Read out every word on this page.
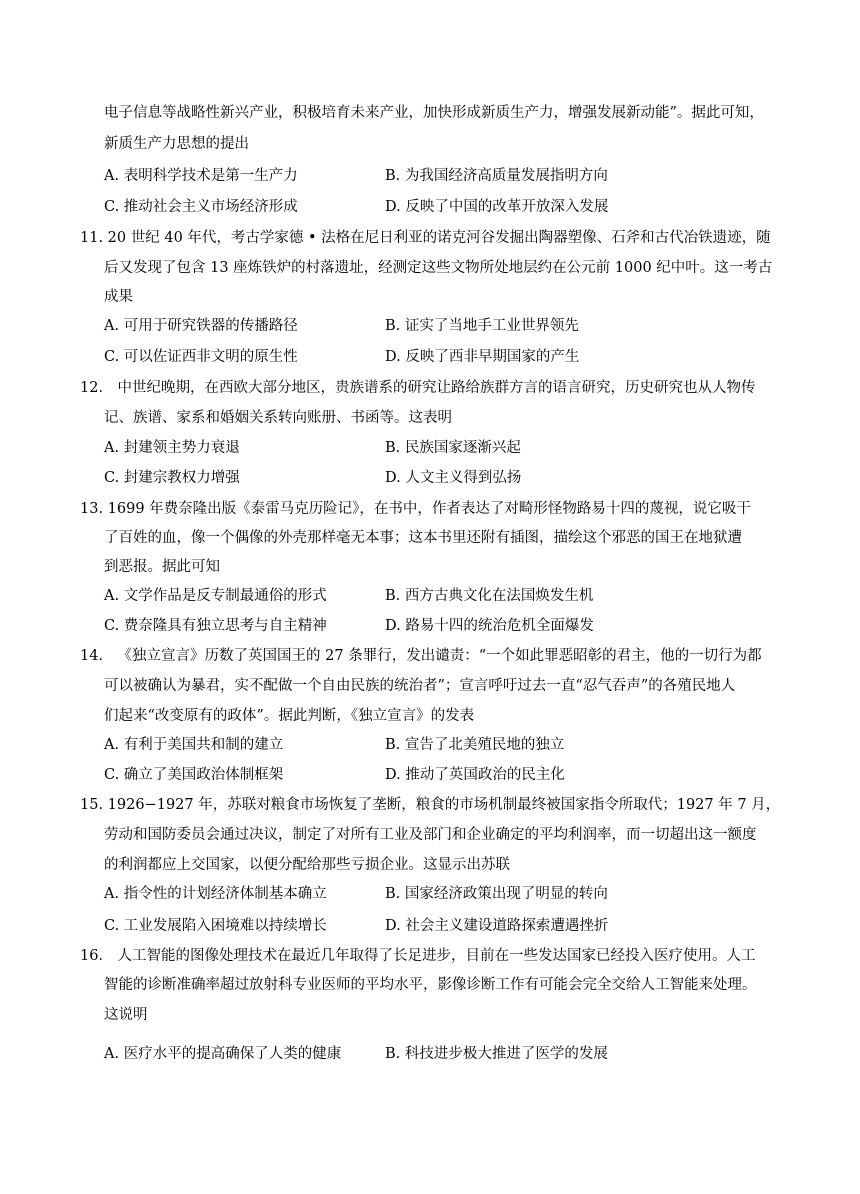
电子信息等战略性新兴产业，积极培育未来产业，加快形成新质生产力，增强发展新动能”。据此可知，
新质生产力思想的提出
A. 表明科学技术是第一生产力	B. 为我国经济高质量发展指明方向
C. 推动社会主义市场经济形成	D. 反映了中国的改革开放深入发展
11. 20 世纪 40 年代，考古学家德 • 法格在尼日利亚的诺克河谷发掘出陶器塑像、石斧和古代冶铁遗迹，随
后又发现了包含 13 座炼铁炉的村落遗址，经测定这些文物所处地层约在公元前 1000 纪中叶。这一考古
成果
A. 可用于研究铁器的传播路径	B. 证实了当地手工业世界领先
C. 可以佐证西非文明的原生性	D. 反映了西非早期国家的产生
12． 中世纪晚期，在西欧大部分地区，贵族谱系的研究让路给族群方言的语言研究，历史研究也从人物传
记、族谱、家系和婚姻关系转向账册、书函等。这表明
A. 封建领主势力衰退	B. 民族国家逐渐兴起
C. 封建宗教权力增强	D. 人文主义得到弘扬
13. 1699 年费奈隆出版《泰雷马克历险记》，在书中，作者表达了对畸形怪物路易十四的蔑视，说它吸干
了百姓的血，像一个偶像的外壳那样毫无本事；这本书里还附有插图，描绘这个邪恶的国王在地狱遭
到恶报。据此可知
A. 文学作品是反专制最通俗的形式	B. 西方古典文化在法国焕发生机
C. 费奈隆具有独立思考与自主精神	D. 路易十四的统治危机全面爆发
14． 《独立宣言》历数了英国国王的 27 条罪行，发出谴责：“一个如此罪恶昭彰的君主，他的一切行为都
可以被确认为暴君，实不配做一个自由民族的统治者”；宣言呼吁过去一直“忍气吞声”的各殖民地人
们起来“改变原有的政体”。据此判断，《独立宣言》的发表
A. 有利于美国共和制的建立	B. 宣告了北美殖民地的独立
C. 确立了美国政治体制框架	D. 推动了英国政治的民主化
15. 1926−1927 年，苏联对粮食市场恢复了垄断，粮食的市场机制最终被国家指令所取代；1927 年 7 月，
劳动和国防委员会通过决议，制定了对所有工业及部门和企业确定的平均利润率，而一切超出这一额度
的利润都应上交国家，以便分配给那些亏损企业。这显示出苏联
A. 指令性的计划经济体制基本确立	B. 国家经济政策出现了明显的转向
C. 工业发展陷入困境难以持续增长	D. 社会主义建设道路探索遭遇挫折
16． 人工智能的图像处理技术在最近几年取得了长足进步，目前在一些发达国家已经投入医疗使用。人工
智能的诊断准确率超过放射科专业医师的平均水平，影像诊断工作有可能会完全交给人工智能来处理。
这说明
A. 医疗水平的提高确保了人类的健康	B. 科技进步极大推进了医学的发展
